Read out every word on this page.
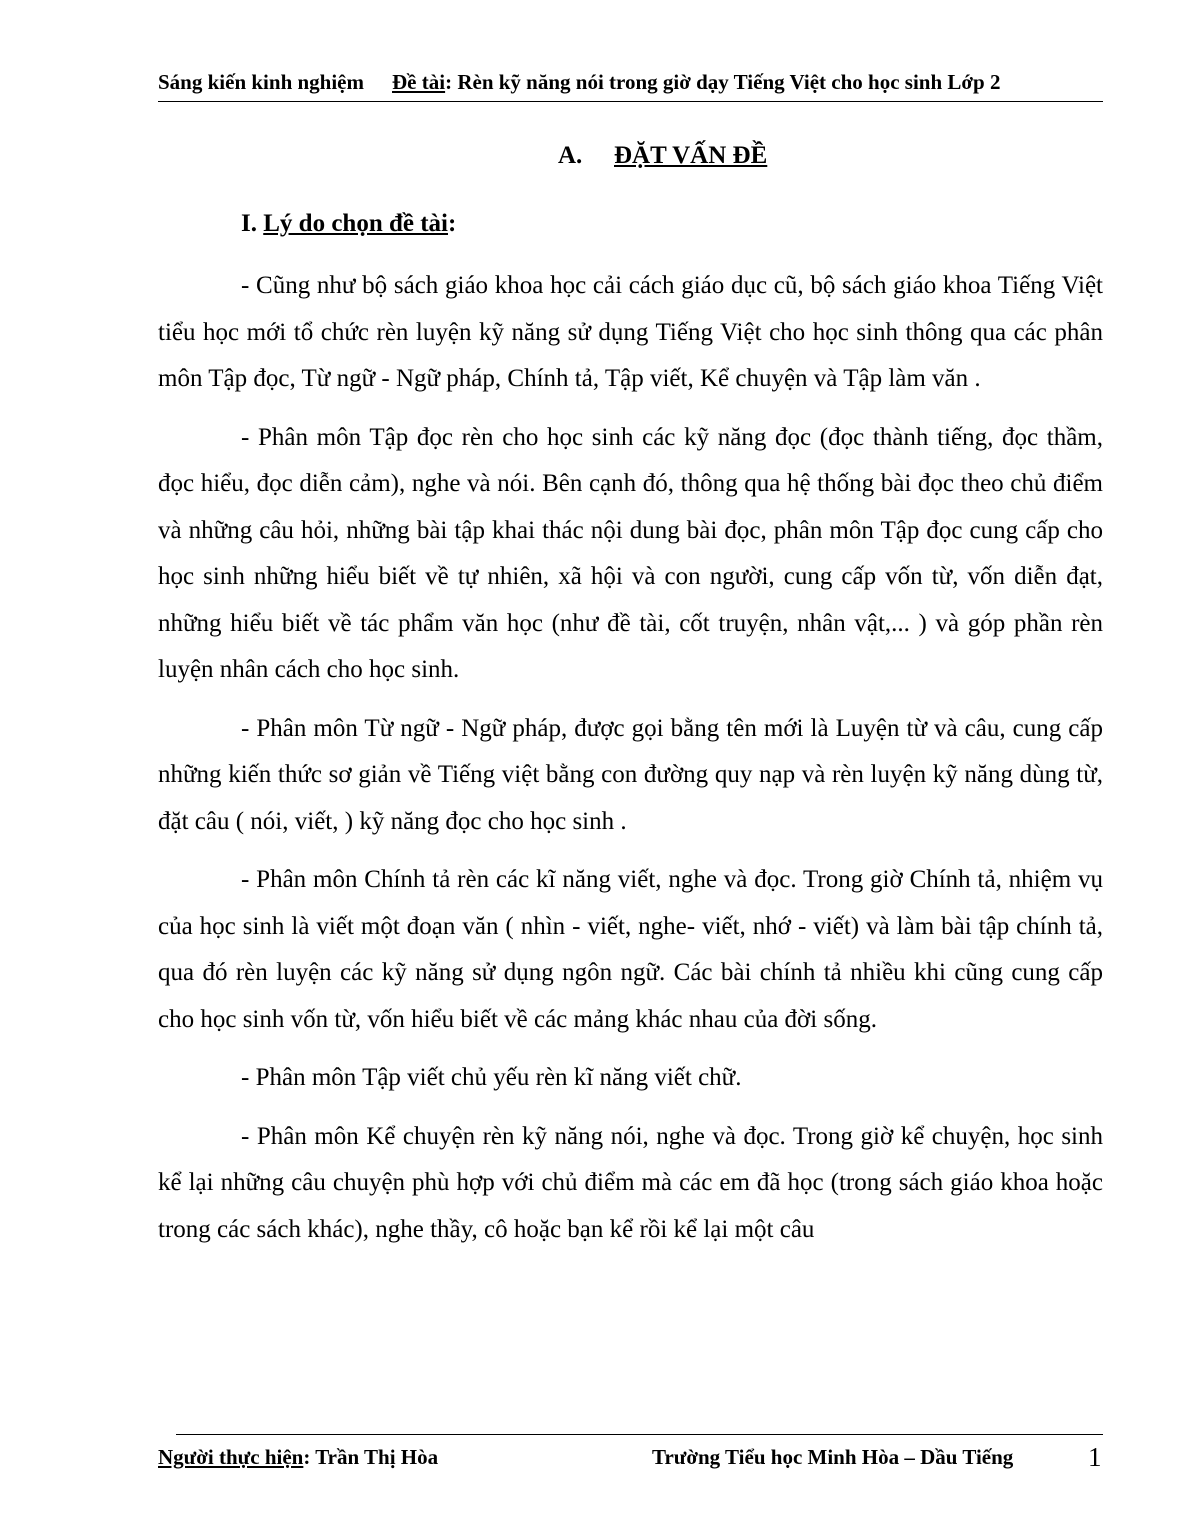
Sáng kiến kinh nghiệm Đề tài: Rèn kỹ năng nói trong giờ dạy Tiếng Việt cho học sinh Lớp 2
A. ĐẶT VẤN ĐỀ
I. Lý do chọn đề tài:

- Cũng như bộ sách giáo khoa học cải cách giáo dục cũ, bộ sách giáo khoa Tiếng Việt tiểu học mới tổ chức rèn luyện kỹ năng sử dụng Tiếng Việt cho học sinh thông qua các phân môn Tập đọc, Từ ngữ - Ngữ pháp, Chính tả, Tập viết, Kể chuyện và Tập làm văn .

- Phân môn Tập đọc rèn cho học sinh các kỹ năng đọc (đọc thành tiếng, đọc thầm, đọc hiểu, đọc diễn cảm), nghe và nói. Bên cạnh đó, thông qua hệ thống bài đọc theo chủ điểm và những câu hỏi, những bài tập khai thác nội dung bài đọc, phân môn Tập đọc cung cấp cho học sinh những hiểu biết về tự nhiên, xã hội và con người, cung cấp vốn từ, vốn diễn đạt, những hiểu biết về tác phẩm văn học (như đề tài, cốt truyện, nhân vật,... ) và góp phần rèn luyện nhân cách cho học sinh.

- Phân môn Từ ngữ - Ngữ pháp, được gọi bằng tên mới là Luyện từ và câu, cung cấp những kiến thức sơ giản về Tiếng việt bằng con đường quy nạp và rèn luyện kỹ năng dùng từ, đặt câu ( nói, viết, ) kỹ năng đọc cho học sinh .

- Phân môn Chính tả rèn các kĩ năng viết, nghe và đọc. Trong giờ Chính tả, nhiệm vụ của học sinh là viết một đoạn văn ( nhìn - viết, nghe- viết, nhớ - viết) và làm bài tập chính tả, qua đó rèn luyện các kỹ năng sử dụng ngôn ngữ. Các bài chính tả nhiều khi cũng cung cấp cho học sinh vốn từ, vốn hiểu biết về các mảng khác nhau của đời sống.

- Phân môn Tập viết chủ yếu rèn kĩ năng viết chữ.

- Phân môn Kể chuyện rèn kỹ năng nói, nghe và đọc. Trong giờ kể chuyện, học sinh kể lại những câu chuyện phù hợp với chủ điểm mà các em đã học (trong sách giáo khoa hoặc trong các sách khác), nghe thầy, cô hoặc bạn kể rồi kể lại một câu

Người thực hiện: Trần Thị Hòa	Trường Tiểu học Minh Hòa – Dầu Tiếng	1
